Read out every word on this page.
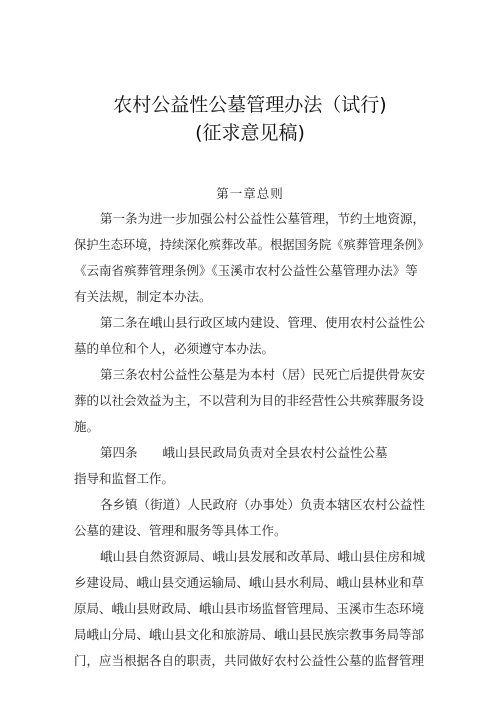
农村公益性公墓管理办法（试行)
(征求意见稿)
第一章总则
第一条为进一步加强公村公益性公墓管理，节约土地资源，
保护生态环境，持续深化殡葬改革。根据国务院《殡葬管理条例》
《云南省殡葬管理条例》《玉溪市农村公益性公墓管理办法》等
有关法规，制定本办法。
第二条在峨山县行政区域内建设、管理、使用农村公益性公
墓的单位和个人，必须遵守本办法。
第三条农村公益性公墓是为本村（居）民死亡后提供骨灰安
葬的以社会效益为主，不以营利为目的非经营性公共殡葬服务设
施。
第四条　　峨山县民政局负责对全县农村公益性公墓
指导和监督工作。
各乡镇（街道）人民政府（办事处）负责本辖区农村公益性
公墓的建设、管理和服务等具体工作。
峨山县自然资源局、峨山县发展和改革局、峨山县住房和城
乡建设局、峨山县交通运输局、峨山县水利局、峨山县林业和草
原局、峨山县财政局、峨山县市场监督管理局、玉溪市生态环境
局峨山分局、峨山县文化和旅游局、峨山县民族宗教事务局等部
门，应当根据各自的职责，共同做好农村公益性公墓的监督管理
